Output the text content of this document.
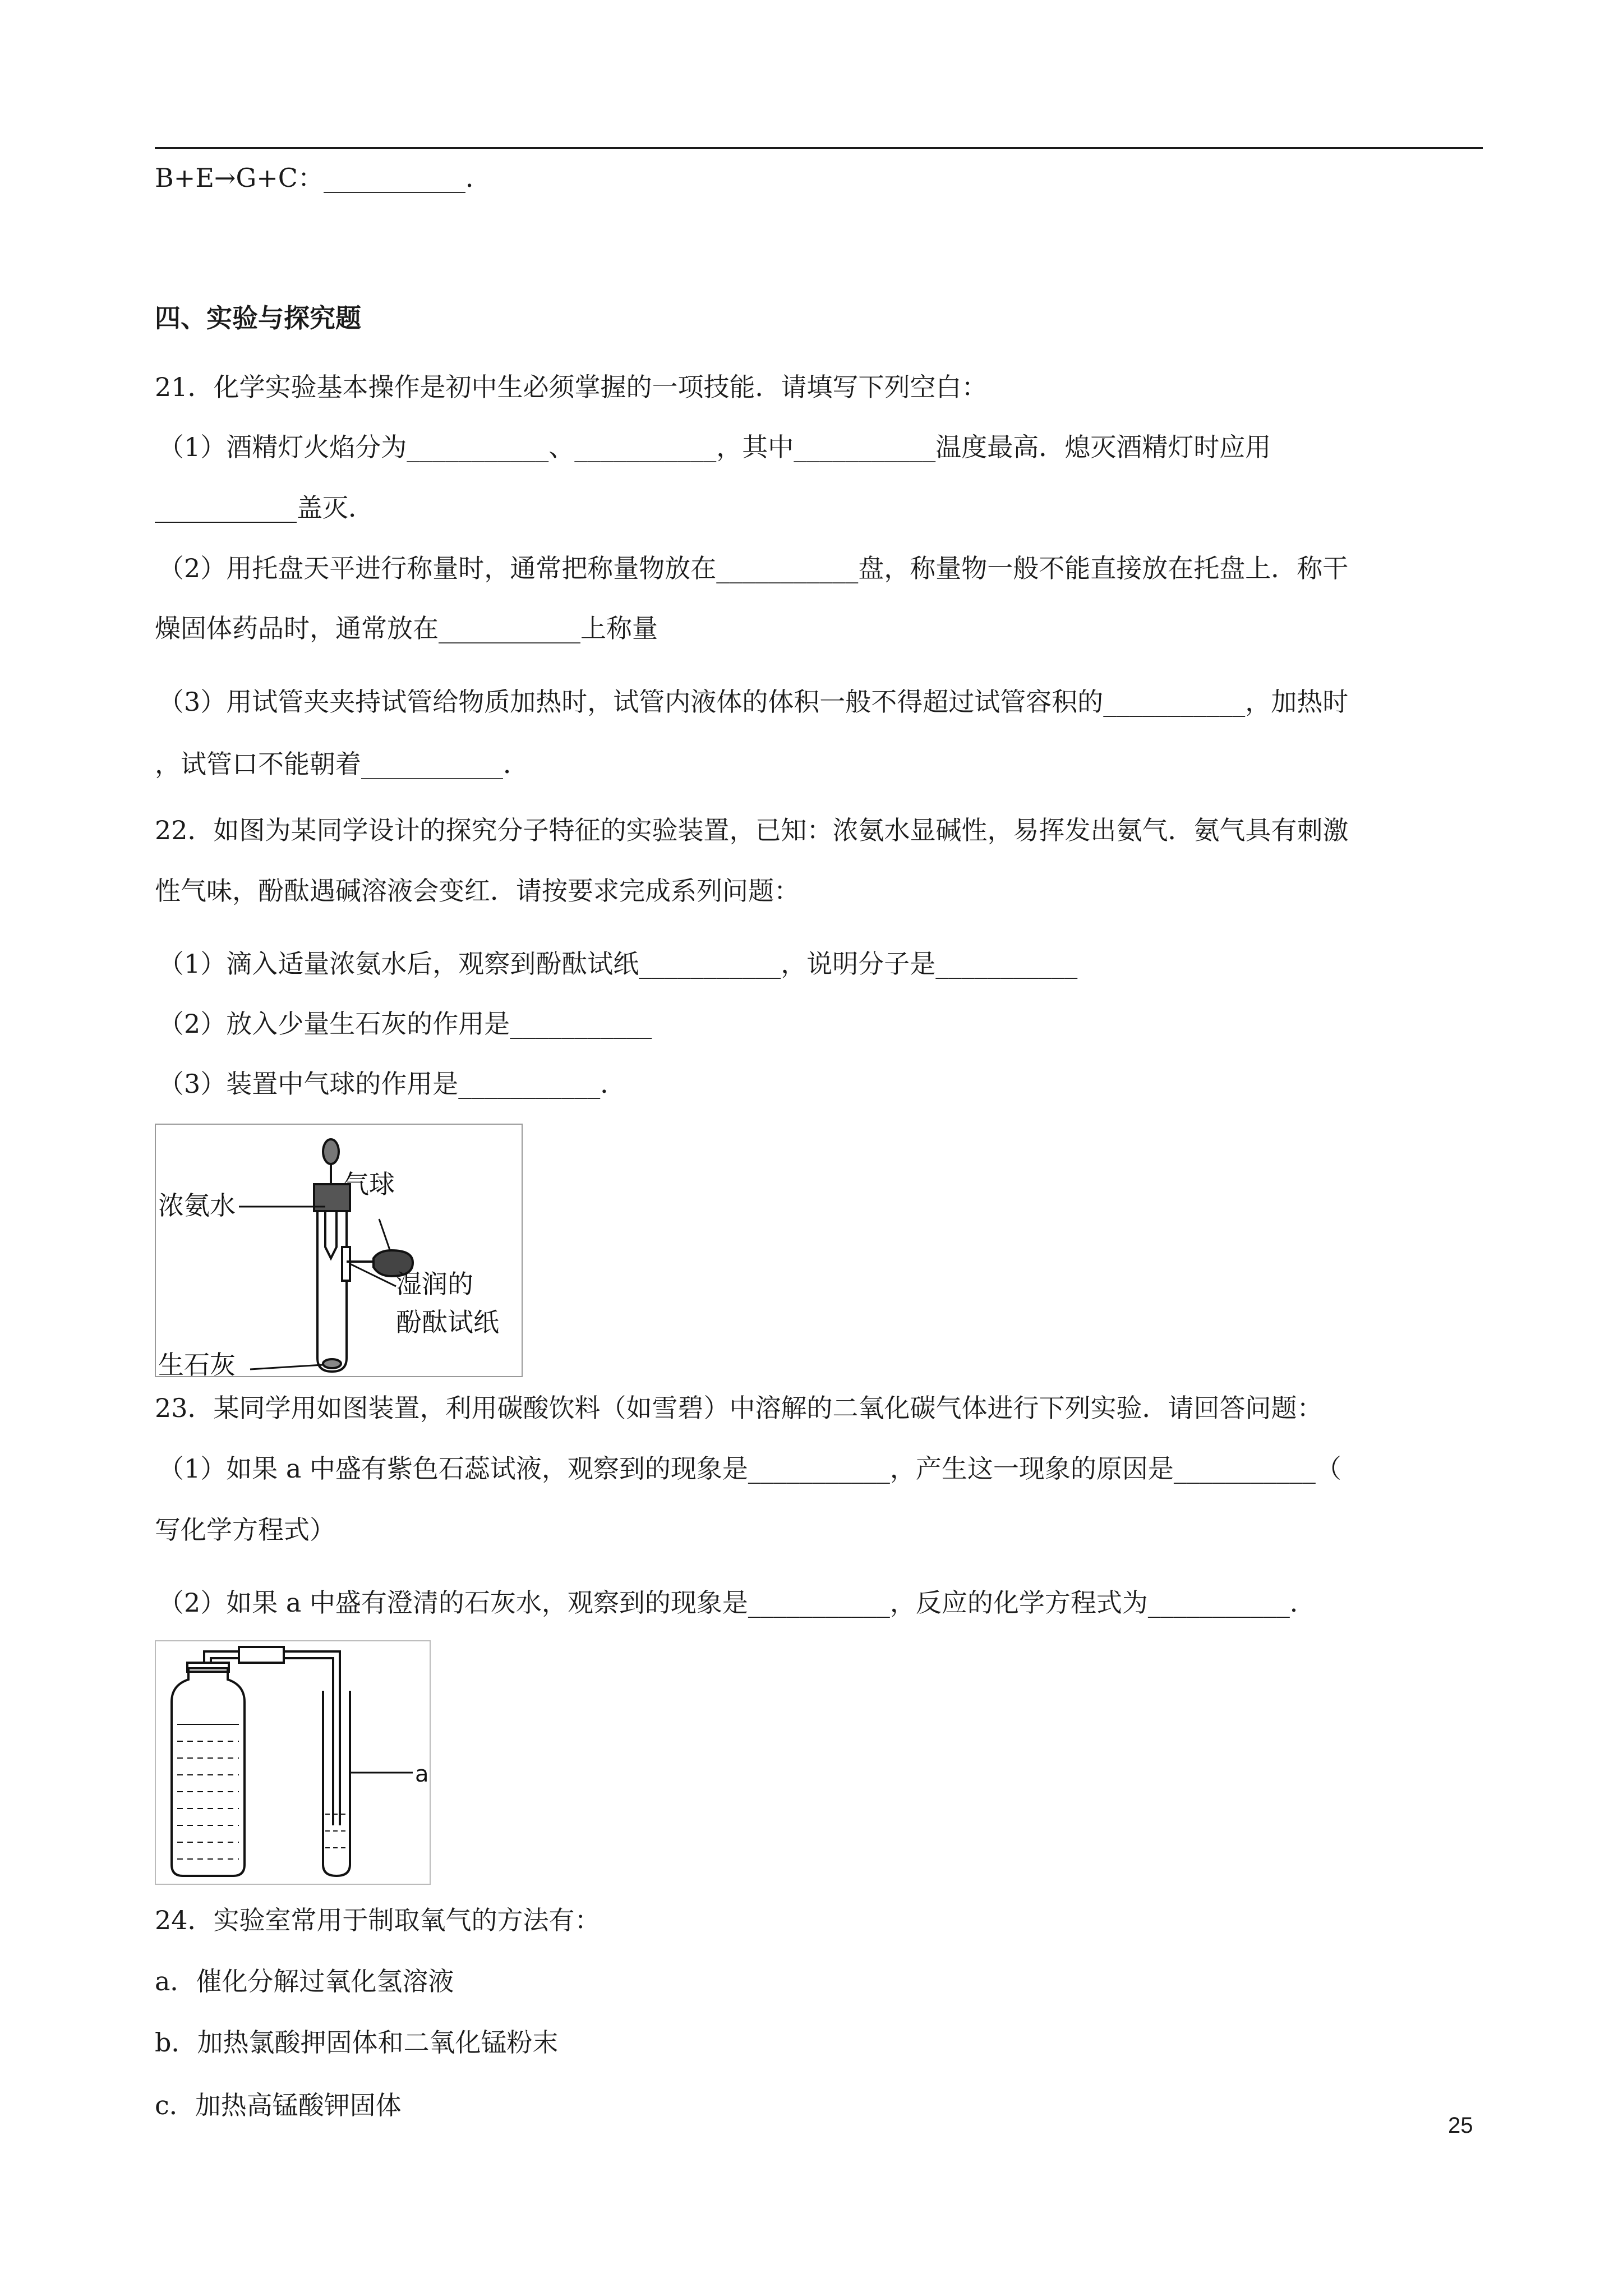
B+E→G+C：___________．
四、实验与探究题
21．化学实验基本操作是初中生必须掌握的一项技能．请填写下列空白：
（1）酒精灯火焰分为___________、___________，其中___________温度最高．熄灭酒精灯时应用
___________盖灭．
（2）用托盘天平进行称量时，通常把称量物放在___________盘，称量物一般不能直接放在托盘上．称干
燥固体药品时，通常放在___________上称量
（3）用试管夹夹持试管给物质加热时，试管内液体的体积一般不得超过试管容积的___________，加热时
，试管口不能朝着___________．
22．如图为某同学设计的探究分子特征的实验装置，已知：浓氨水显碱性，易挥发出氨气．氨气具有刺激
性气味，酚酞遇碱溶液会变红．请按要求完成系列问题：
（1）滴入适量浓氨水后，观察到酚酞试纸___________，说明分子是___________
（2）放入少量生石灰的作用是___________
（3）装置中气球的作用是___________．
浓氨水
气球
湿润的
酚酞试纸
生石灰
23．某同学用如图装置，利用碳酸饮料（如雪碧）中溶解的二氧化碳气体进行下列实验．请回答问题：
（1）如果 a 中盛有紫色石蕊试液，观察到的现象是___________，产生这一现象的原因是___________（
写化学方程式）
（2）如果 a 中盛有澄清的石灰水，观察到的现象是___________，反应的化学方程式为___________．
a
24．实验室常用于制取氧气的方法有：
a．催化分解过氧化氢溶液
b．加热氯酸押固体和二氧化锰粉末
c．加热高锰酸钾固体
25
